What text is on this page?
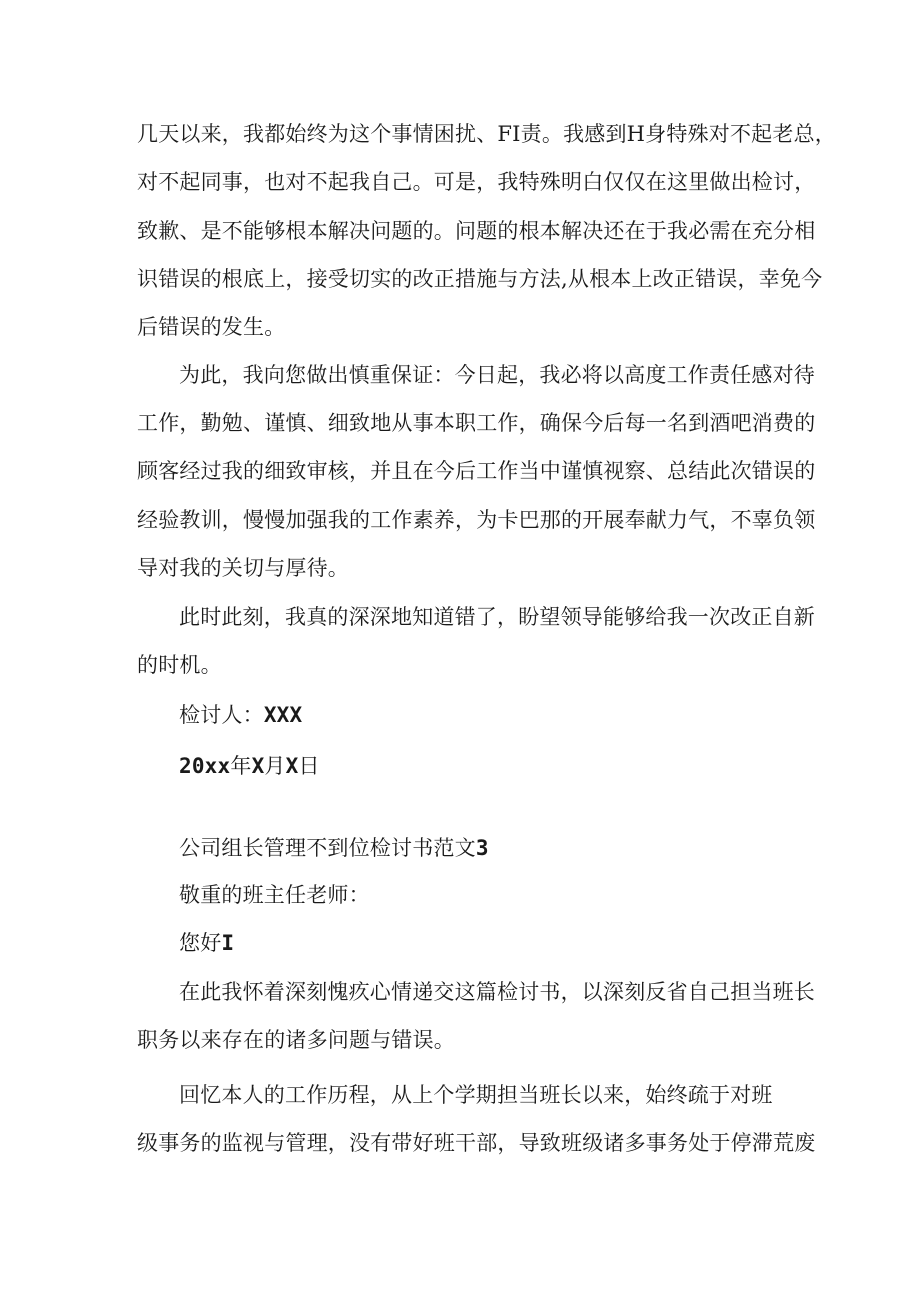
几天以来，我都始终为这个事情困扰、FI责。我感到H身特殊对不起老总，
对不起同事，也对不起我自己。可是，我特殊明白仅仅在这里做出检讨，
致歉、是不能够根本解决问题的。问题的根本解决还在于我必需在充分相
识错误的根底上，接受切实的改正措施与方法,从根本上改正错误，幸免今
后错误的发生。
为此，我向您做出慎重保证：今日起，我必将以高度工作责任感对待
工作，勤勉、谨慎、细致地从事本职工作，确保今后每一名到酒吧消费的
顾客经过我的细致审核，并且在今后工作当中谨慎视察、总结此次错误的
经验教训，慢慢加强我的工作素养，为卡巴那的开展奉献力气，不辜负领
导对我的关切与厚待。
此时此刻，我真的深深地知道错了，盼望领导能够给我一次改正自新
的时机。
检讨人：XXX
20xx年X月X日
公司组长管理不到位检讨书范文3
敬重的班主任老师：
您好I
在此我怀着深刻愧疚心情递交这篇检讨书，以深刻反省自己担当班长
职务以来存在的诸多问题与错误。
回忆本人的工作历程，从上个学期担当班长以来，始终疏于对班
级事务的监视与管理，没有带好班干部，导致班级诸多事务处于停滞荒废
